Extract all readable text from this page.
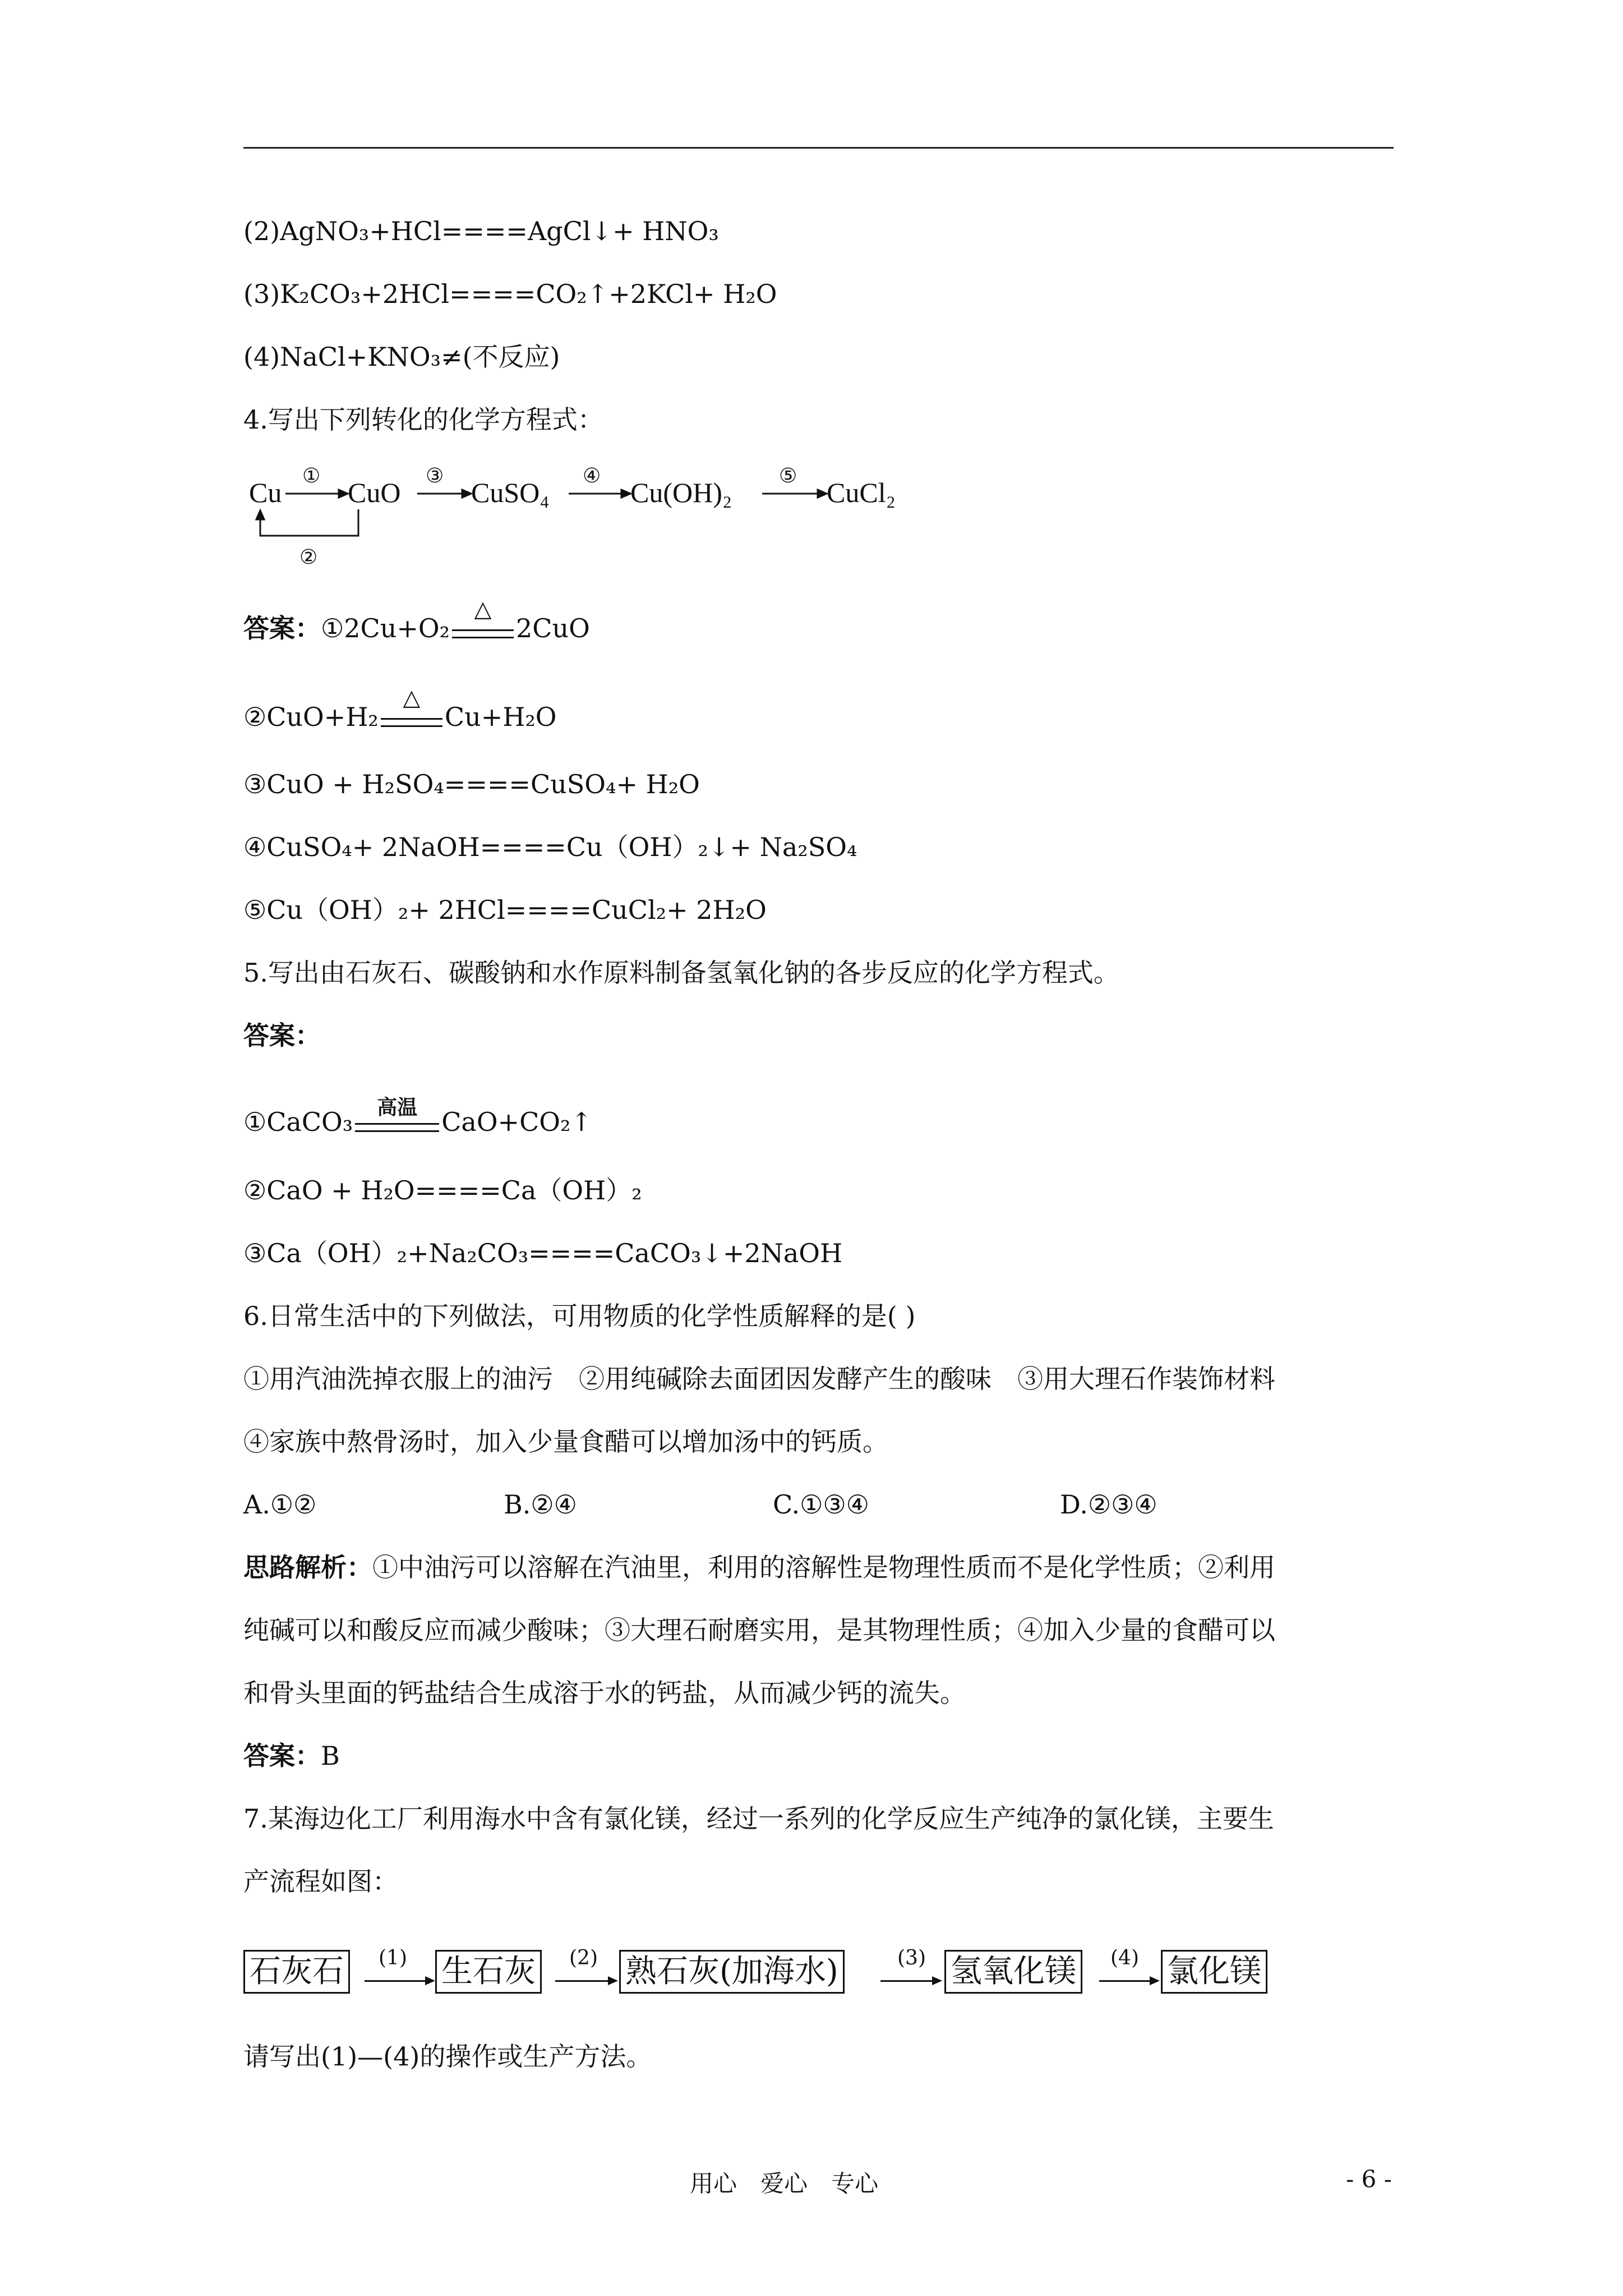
(2)AgNO₃+HCl====AgCl↓+ HNO₃
(3)K₂CO₃+2HCl====CO₂↑+2KCl+ H₂O
(4)NaCl+KNO₃≠(不反应)
4.写出下列转化的化学方程式：
Cu CuO	CuSO₄	Cu(OH)₂	CuCl₂
①	③	④	⑤
②
答案：①2Cu+O₂
△
2CuO
②CuO+H₂
△
Cu+H₂O
③CuO + H₂SO₄====CuSO₄+ H₂O
④CuSO₄+ 2NaOH====Cu（OH）₂↓+ Na₂SO₄
⑤Cu（OH）₂+ 2HCl====CuCl₂+ 2H₂O
5.写出由石灰石、碳酸钠和水作原料制备氢氧化钠的各步反应的化学方程式。
答案：
①CaCO₃	高温 CaO+CO₂↑
②CaO + H₂O====Ca（OH）₂
③Ca（OH）₂+Na₂CO₃====CaCO₃↓+2NaOH
6.日常生活中的下列做法，可用物质的化学性质解释的是( )
①用汽油洗掉衣服上的油污　②用纯碱除去面团因发酵产生的酸味　③用大理石作装饰材料
④家族中熬骨汤时，加入少量食醋可以增加汤中的钙质。
A.①②	B.②④	C.①③④	D.②③④
思路解析：①中油污可以溶解在汽油里，利用的溶解性是物理性质而不是化学性质；②利用
纯碱可以和酸反应而减少酸味；③大理石耐磨实用，是其物理性质；④加入少量的食醋可以
和骨头里面的钙盐结合生成溶于水的钙盐，从而减少钙的流失。
答案：B
7.某海边化工厂利用海水中含有氯化镁，经过一系列的化学反应生产纯净的氯化镁，主要生
产流程如图：
石灰石	(1) 生石灰	(2) 熟石灰(加海水)	(3) 氢氧化镁	(4) 氯化镁
请写出(1)—(4)的操作或生产方法。
用心　爱心　专心	- 6 -
